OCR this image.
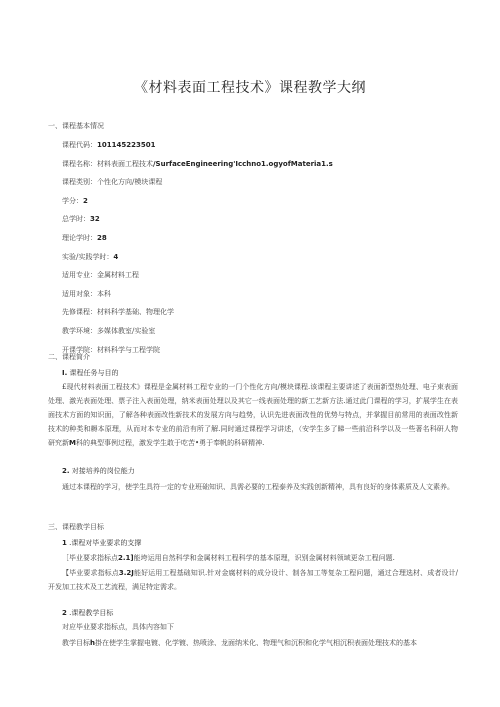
《材料表面工程技术》课程教学大纲
一、课程基本情况
课程代码：101145223501
课程名称：材料表面工程技术/SurfaceEngineering'Icchno1.ogyofMateria1.s
课程类别：个性化方向/模块课程
学分：2
总学时：32
理论学时：28
实验/实践学时：4
适用专业：金属材料工程
适用对象：本科
先修课程：材料科学基础、物理化学
教学环境：多媒体教室/实验室
开课学院：材料科学与工程学院
二、课程简介
I. 课程任务与目的

£现代材料表面工程技术》课程是金属材料工程专业的一门个性化方向/模块课程.该课程主要讲述了表面新型热处理、电子束表面处理、激光表面处理、票子注入表面处理，纳米表面处理以及其它一线表面处理的新工艺新方法.通过此门课程的学习，扩展学生在表面技术方面的知识面，了解各种表面改性新技术的发展方向与趋势，认识先进表面改性的优势与特点，并掌握目前常用的表面改性新技术的种类和耨本原理，从而对本专业的前沿有所了解.同时通过课程学习讲述，（安学生多了睇一些前沿科学以及一些著名科研人物研究新M科的典型事例过程，激发学生敢于吃苦•勇于奉帆的科研精神.

2. 对接培养的岗位能力

通过本课程的学习，使学生具符一定的专业班础知识、具需必要的工程泰养及实践创新精神，具有良好的身体素质及人文素养。

三、课程教学目标
1 .课程对毕业要求的支撑

［毕业要求指标点2.1]能垮运用自然科学和金属材料工程科学的基本原理，识别金属材料领域更杂工程问题.

【毕业要求指标点3.2J能好运用工程基础知识.针对金腐材料的成分设计、制各加工等复杂工程问题，通过合理选材、成者设计/开发加工技术及工艺流程，满足特定需求。

2 .课程教学目标
对应毕业要求指标点，具体内容如下
教学目标h掛在使学生掌握电镀、化学镀、热喷涂、龙面纳米化、物理气和沉积和化学气相沉积表面处理技术的基本
